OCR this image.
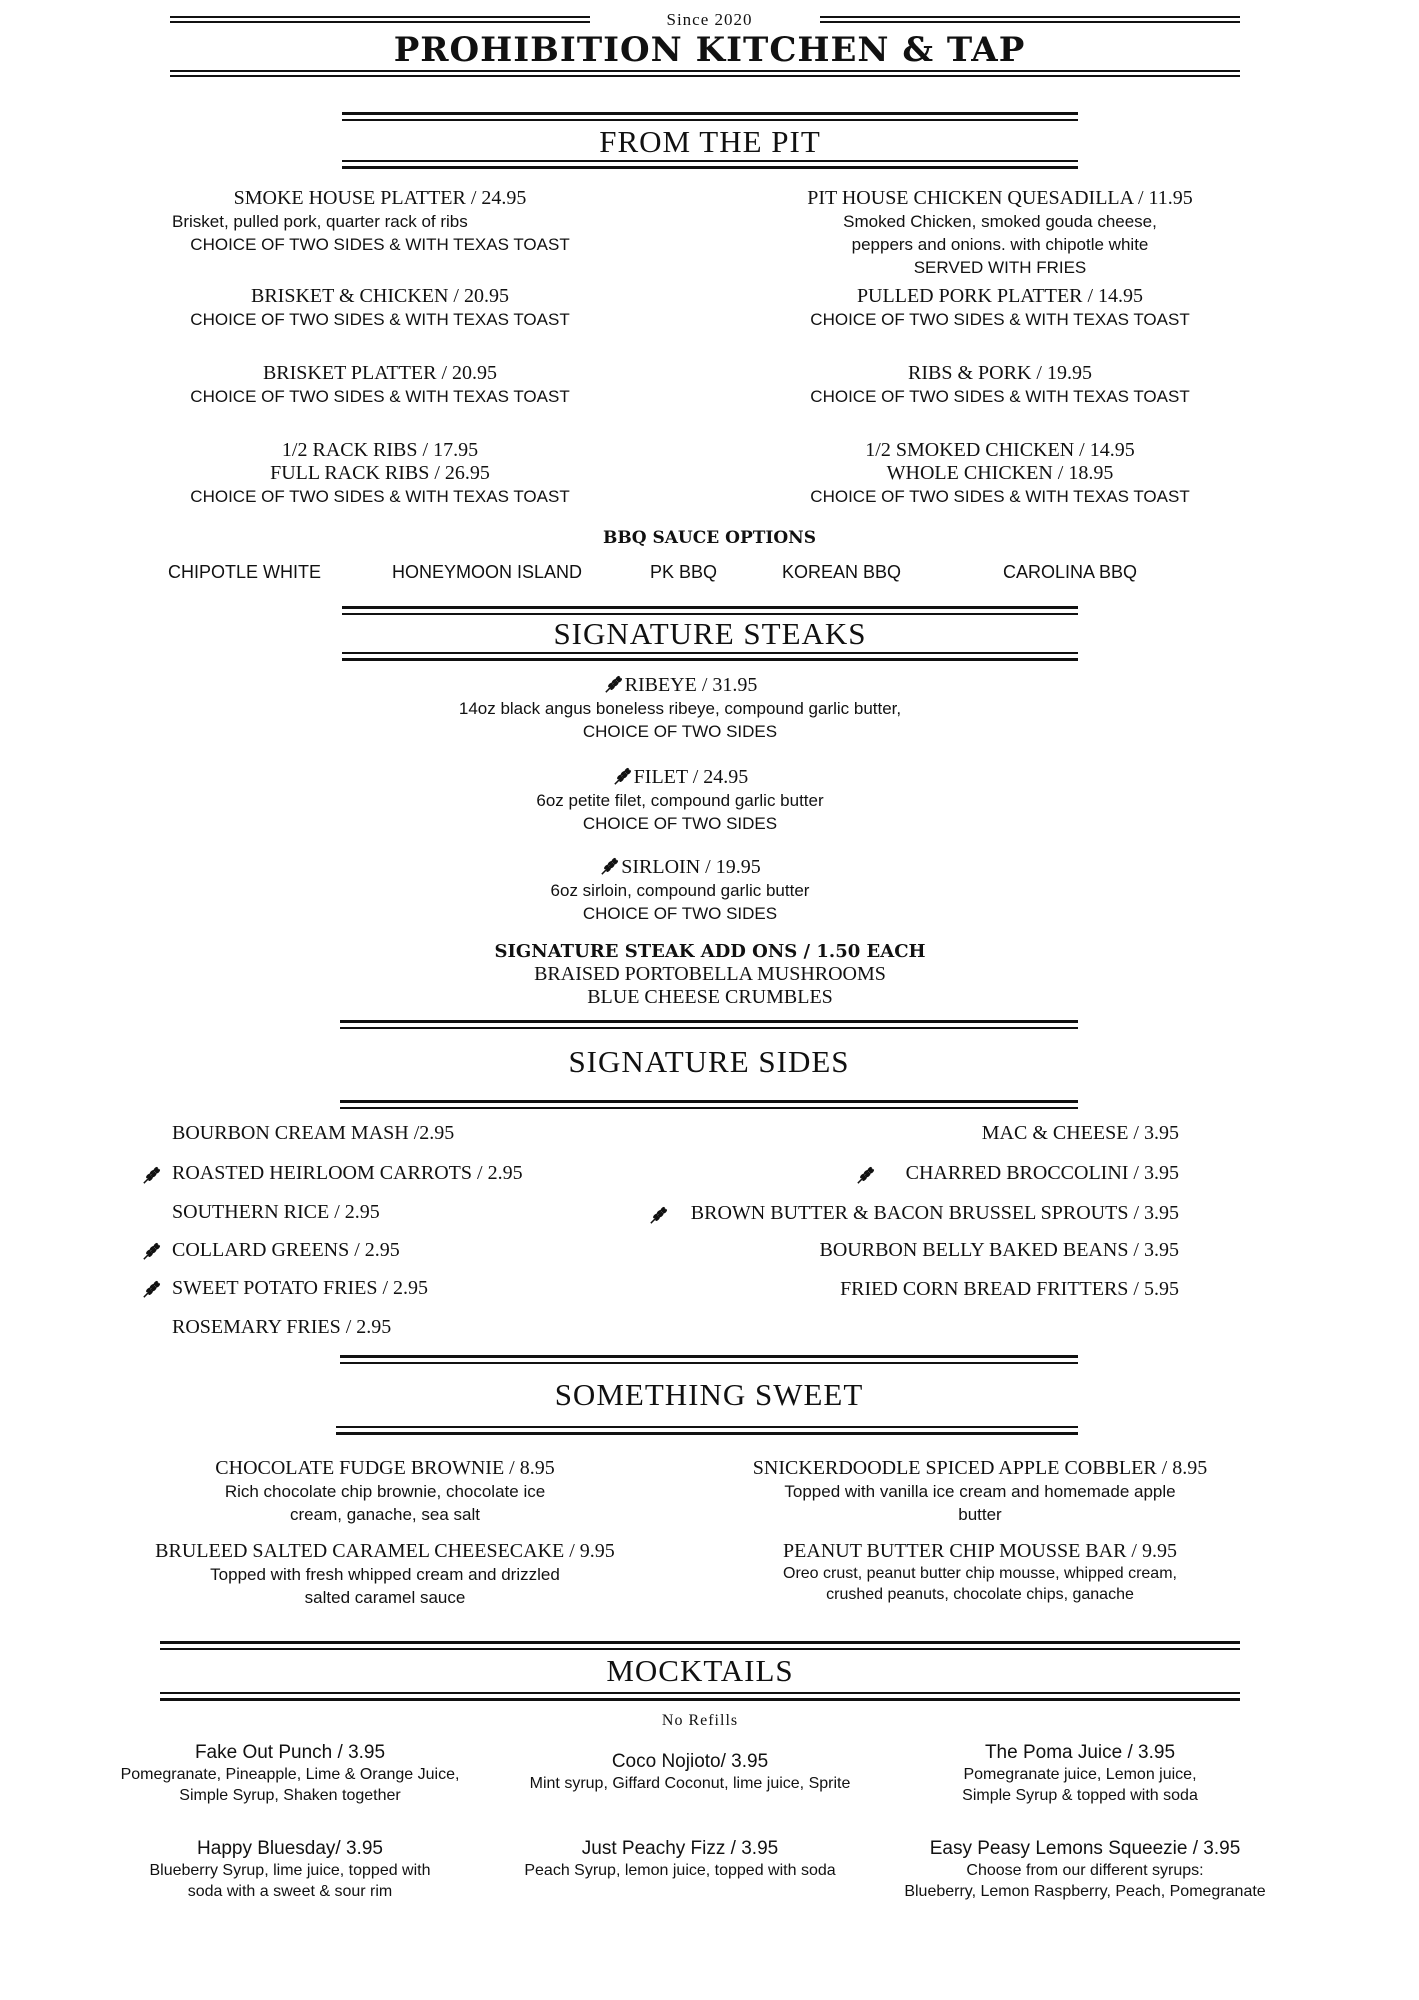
Since 2020
PROHIBITION KITCHEN & TAP
FROM THE PIT
SMOKE HOUSE PLATTER / 24.95
Brisket, pulled pork, quarter rack of ribs
CHOICE OF TWO SIDES & WITH TEXAS TOAST
PIT HOUSE CHICKEN QUESADILLA / 11.95
Smoked Chicken, smoked gouda cheese,
peppers and onions. with chipotle white
SERVED WITH FRIES
BRISKET & CHICKEN / 20.95
CHOICE OF TWO SIDES & WITH TEXAS TOAST
PULLED PORK PLATTER / 14.95
CHOICE OF TWO SIDES & WITH TEXAS TOAST
BRISKET PLATTER / 20.95
CHOICE OF TWO SIDES & WITH TEXAS TOAST
RIBS & PORK / 19.95
CHOICE OF TWO SIDES & WITH TEXAS TOAST
1/2 RACK RIBS / 17.95
FULL RACK RIBS / 26.95
CHOICE OF TWO SIDES & WITH TEXAS TOAST
1/2 SMOKED CHICKEN / 14.95
WHOLE CHICKEN / 18.95
CHOICE OF TWO SIDES & WITH TEXAS TOAST
BBQ SAUCE OPTIONS
CHIPOTLE WHITE	HONEYMOON ISLAND	PK BBQ	KOREAN BBQ	CAROLINA BBQ
SIGNATURE STEAKS
RIBEYE / 31.95
14oz black angus boneless ribeye, compound garlic butter,
CHOICE OF TWO SIDES
FILET / 24.95
6oz petite filet, compound garlic butter
CHOICE OF TWO SIDES
SIRLOIN / 19.95
6oz sirloin, compound garlic butter
CHOICE OF TWO SIDES
SIGNATURE STEAK ADD ONS / 1.50 EACH
BRAISED PORTOBELLA MUSHROOMS
BLUE CHEESE CRUMBLES
SIGNATURE SIDES
BOURBON CREAM MASH /2.95
ROASTED HEIRLOOM CARROTS / 2.95
SOUTHERN RICE / 2.95
COLLARD GREENS / 2.95
SWEET POTATO FRIES / 2.95
ROSEMARY FRIES / 2.95
MAC & CHEESE / 3.95
CHARRED BROCCOLINI / 3.95
BROWN BUTTER & BACON BRUSSEL SPROUTS / 3.95
BOURBON BELLY BAKED BEANS / 3.95
FRIED CORN BREAD FRITTERS / 5.95
SOMETHING SWEET
CHOCOLATE FUDGE BROWNIE / 8.95
Rich chocolate chip brownie, chocolate ice
cream, ganache, sea salt
SNICKERDOODLE SPICED APPLE COBBLER / 8.95
Topped with vanilla ice cream and homemade apple
butter
BRULEED SALTED CARAMEL CHEESECAKE / 9.95
Topped with fresh whipped cream and drizzled
salted caramel sauce
PEANUT BUTTER CHIP MOUSSE BAR / 9.95
Oreo crust, peanut butter chip mousse, whipped cream,
crushed peanuts, chocolate chips, ganache
MOCKTAILS
No Refills
Fake Out Punch / 3.95
Pomegranate, Pineapple, Lime & Orange Juice,
Simple Syrup, Shaken together
Coco Nojioto/ 3.95
Mint syrup, Giffard Coconut, lime juice, Sprite
The Poma Juice / 3.95
Pomegranate juice, Lemon juice,
Simple Syrup & topped with soda
Happy Bluesday/ 3.95
Blueberry Syrup, lime juice, topped with
soda with a sweet & sour rim
Just Peachy Fizz / 3.95
Peach Syrup, lemon juice, topped with soda
Easy Peasy Lemons Squeezie / 3.95
Choose from our different syrups:
Blueberry, Lemon Raspberry, Peach, Pomegranate
